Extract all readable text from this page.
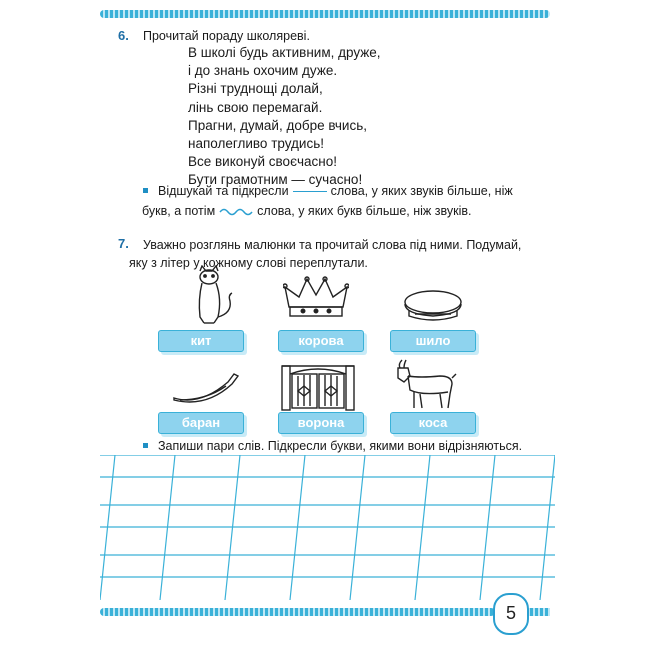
6. Прочитай пораду школяреві.
В школі будь активним, друже,
і до знань охочим дуже.
Різні труднощі долай,
лінь свою перемагай.
Прагни, думай, добре вчись,
наполегливо трудись!
Все виконуй своєчасно!
Бути грамотним — сучасно!
Відшукай та підкресли	слова, у яких звуків більше, ніж
букв, а потім	слова, у яких букв більше, ніж звуків.
7. Уважно розглянь малюнки та прочитай слова під ними. Подумай,
яку з літер у кожному слові переплутали.
кит	корова	шило
баран	ворона	коса
Запиши пари слів. Підкресли букви, якими вони відрізняються.
5
